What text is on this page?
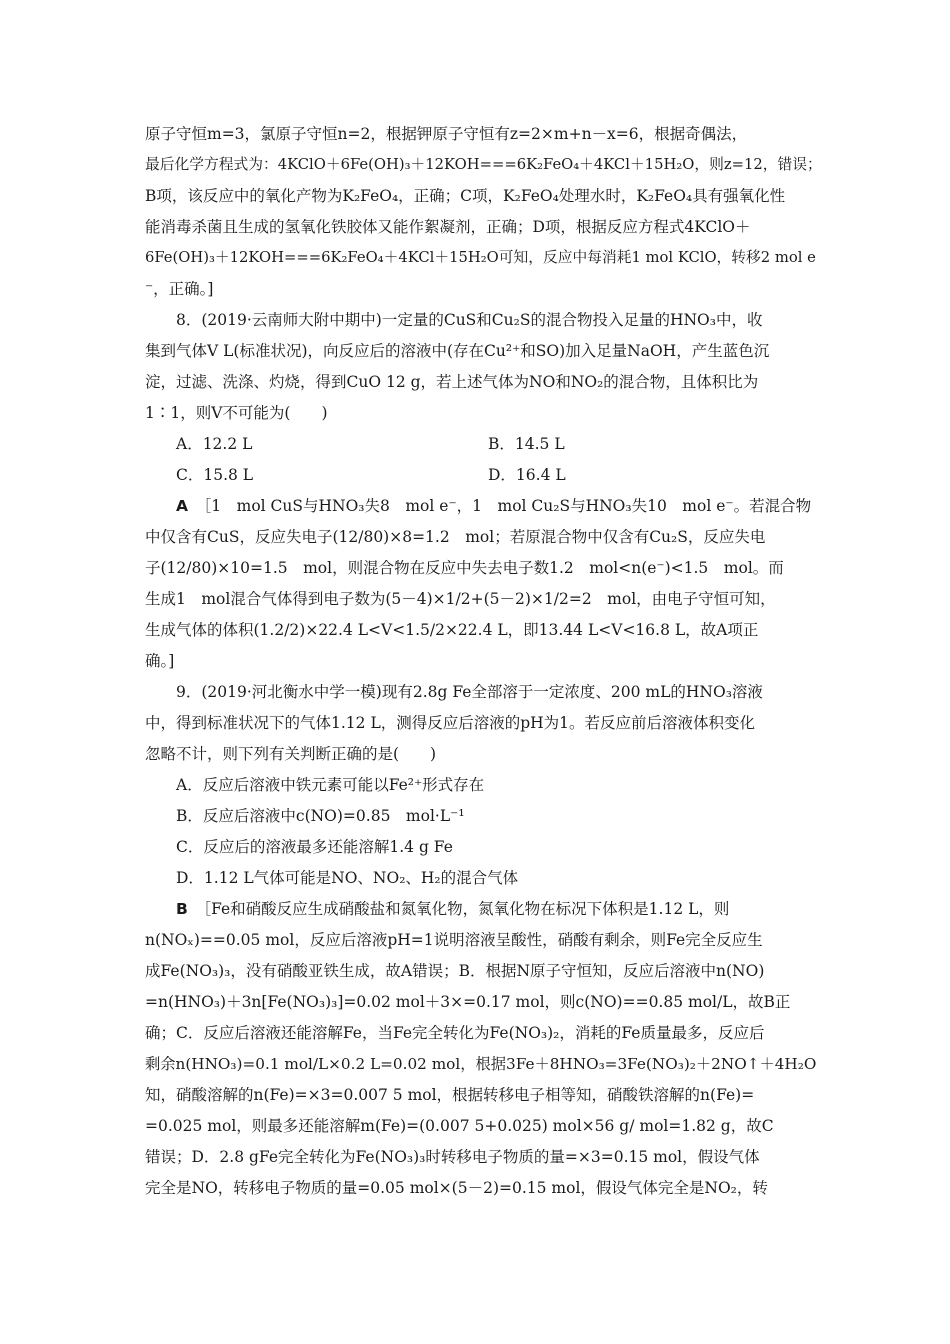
原子守恒m=3，氯原子守恒n=2，根据钾原子守恒有z=2×m+n－x=6，根据奇偶法，
最后化学方程式为：4KClO＋6Fe(OH)₃＋12KOH===6K₂FeO₄＋4KCl＋15H₂O，则z=12，错误；
B项，该反应中的氧化产物为K₂FeO₄，正确；C项，K₂FeO₄处理水时，K₂FeO₄具有强氧化性
能消毒杀菌且生成的氢氧化铁胶体又能作絮凝剂，正确；D项，根据反应方程式4KClO＋
6Fe(OH)₃＋12KOH===6K₂FeO₄＋4KCl＋15H₂O可知，反应中每消耗1 mol KClO，转移2 mol e
⁻，正确。]
8．(2019·云南师大附中期中)一定量的CuS和Cu₂S的混合物投入足量的HNO₃中，收
集到气体V L(标准状况)，向反应后的溶液中(存在Cu²⁺和SO)加入足量NaOH，产生蓝色沉
淀，过滤、洗涤、灼烧，得到CuO 12 g，若上述气体为NO和NO₂的混合物，且体积比为
1∶1，则V不可能为(　　)
A．12.2 L	B．14.5 L
C．15.8 L	D．16.4 L
A　 ［1　mol CuS与HNO₃失8　mol e⁻，1　mol Cu₂S与HNO₃失10　mol e⁻。若混合物
中仅含有CuS，反应失电子(12/80)×8=1.2　mol；若原混合物中仅含有Cu₂S，反应失电
子(12/80)×10=1.5　mol，则混合物在反应中失去电子数1.2　mol<n(e⁻)<1.5　mol。而
生成1　mol混合气体得到电子数为(5－4)×1/2+(5－2)×1/2=2　mol，由电子守恒可知，
生成气体的体积(1.2/2)×22.4 L<V<1.5/2×22.4 L，即13.44 L<V<16.8 L，故A项正
确。]
9．(2019·河北衡水中学一模)现有2.8g Fe全部溶于一定浓度、200 mL的HNO₃溶液
中，得到标准状况下的气体1.12 L，测得反应后溶液的pH为1。若反应前后溶液体积变化
忽略不计，则下列有关判断正确的是(　　)
A．反应后溶液中铁元素可能以Fe²⁺形式存在
B．反应后溶液中c(NO)=0.85　mol·L⁻¹
C．反应后的溶液最多还能溶解1.4 g Fe
D．1.12 L气体可能是NO、NO₂、H₂的混合气体
B　 ［Fe和硝酸反应生成硝酸盐和氮氧化物，氮氧化物在标况下体积是1.12 L，则
n(NOₓ)==0.05 mol，反应后溶液pH=1说明溶液呈酸性，硝酸有剩余，则Fe完全反应生
成Fe(NO₃)₃，没有硝酸亚铁生成，故A错误；B．根据N原子守恒知，反应后溶液中n(NO)
=n(HNO₃)＋3n[Fe(NO₃)₃]=0.02 mol＋3×=0.17 mol，则c(NO)==0.85 mol/L，故B正
确；C．反应后溶液还能溶解Fe，当Fe完全转化为Fe(NO₃)₂，消耗的Fe质量最多，反应后
剩余n(HNO₃)=0.1 mol/L×0.2 L=0.02 mol，根据3Fe＋8HNO₃=3Fe(NO₃)₂＋2NO↑＋4H₂O
知，硝酸溶解的n(Fe)=×3=0.007 5 mol，根据转移电子相等知，硝酸铁溶解的n(Fe)=
=0.025 mol，则最多还能溶解m(Fe)=(0.007 5+0.025) mol×56 g/ mol=1.82 g，故C
错误；D．2.8 gFe完全转化为Fe(NO₃)₃时转移电子物质的量=×3=0.15 mol，假设气体
完全是NO，转移电子物质的量=0.05 mol×(5－2)=0.15 mol，假设气体完全是NO₂，转
